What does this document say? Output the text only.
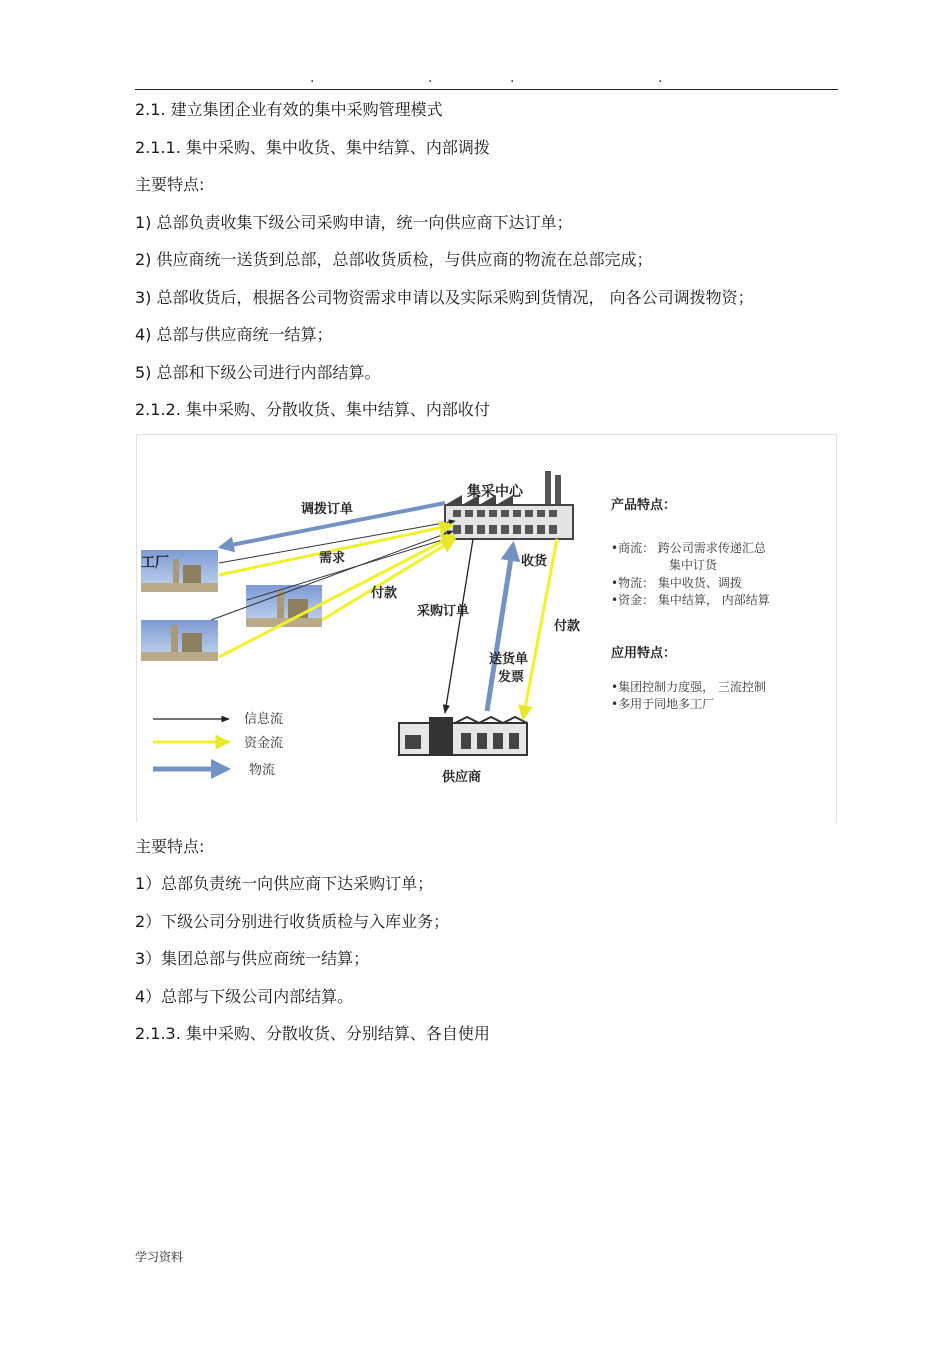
.	.	.	.
2.1. 建立集团企业有效的集中采购管理模式
2.1.1. 集中采购、集中收货、集中结算、内部调拨
主要特点:
1) 总部负责收集下级公司采购申请，统一向供应商下达订单；
2) 供应商统一送货到总部，总部收货质检，与供应商的物流在总部完成；
3) 总部收货后，根据各公司物资需求申请以及实际采购到货情况， 向各公司调拨物资；
4) 总部与供应商统一结算；
5) 总部和下级公司进行内部结算。
2.1.2. 集中采购、分散收货、集中结算、内部收付
集采中心
工厂
供应商
调拨订单
需求
付款
收货
采购订单
付款
送货单
发票
信息流
资金流
物流
产品特点：
•商流： 跨公司需求传递汇总
集中订货
•物流： 集中收货、调拨
•资金： 集中结算， 内部结算
应用特点：
•集团控制力度强， 三流控制
•多用于同地多工厂
主要特点:
1）总部负责统一向供应商下达采购订单；
2）下级公司分别进行收货质检与入库业务；
3）集团总部与供应商统一结算；
4）总部与下级公司内部结算。
2.1.3. 集中采购、分散收货、分别结算、各自使用
学习资料
